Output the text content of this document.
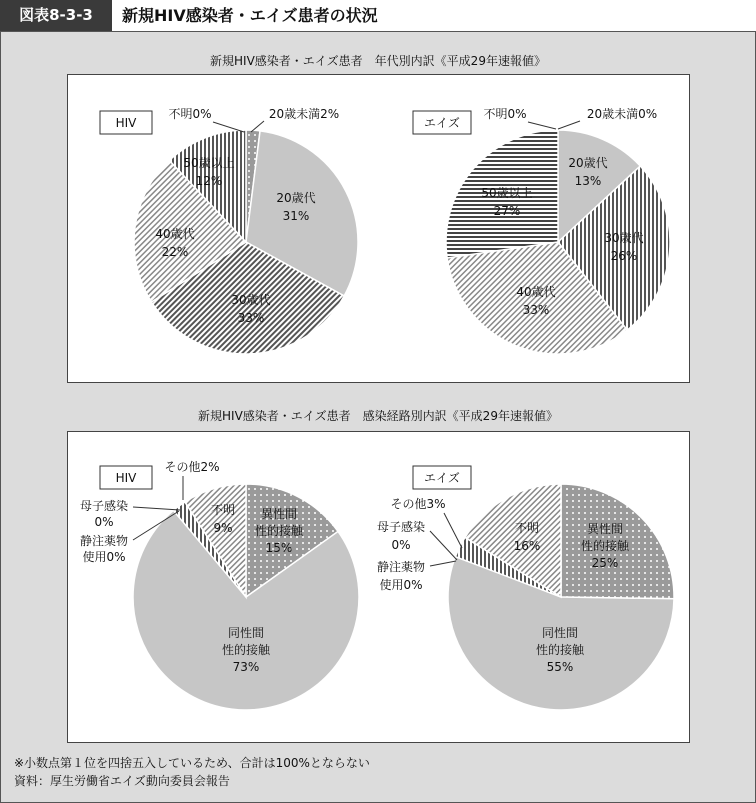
図表8-3-3	新規HIV感染者・エイズ患者の状況
新規HIV感染者・エイズ患者　年代別内訳《平成29年速報値》
新規HIV感染者・エイズ患者　感染経路別内訳《平成29年速報値》
※小数点第１位を四捨五入しているため、合計は100%とならない
資料：厚生労働省エイズ動向委員会報告
HIV	エイズ
HIV	エイズ
不明0%	20歳未満2%
20歳代
31%
30歳代
33%
40歳代
22%
50歳以上
12%
不明0%	20歳未満0%
20歳代
13%
30歳代
26%
40歳代
33%
50歳以上
27%
その他2%
母子感染
0%
静注薬物
使用0%
不明
9%
異性間
性的接触
15%
同性間
性的接触
73%
その他3%
母子感染
0%
静注薬物
使用0%
不明
16%
異性間
性的接触
25%
同性間
性的接触
55%
